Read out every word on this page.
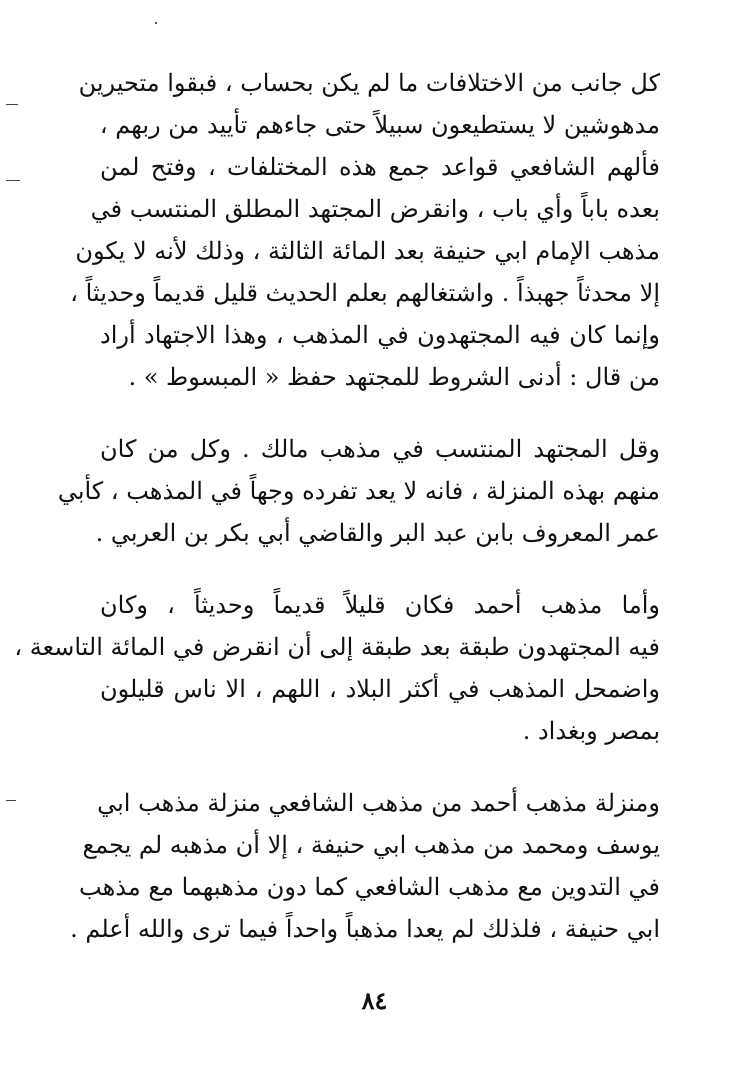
كل جانب من الاختلافات ما لم يكن بحساب ، فبقوا متحيرين
مدهوشين لا يستطيعون سبيلاً حتى جاءهم تأييد من ربهم ،
فألهم الشافعي قواعد جمع هذه المختلفات ، وفتح لمن
بعده باباً وأي باب ، وانقرض المجتهد المطلق المنتسب في
مذهب الإمام ابي حنيفة بعد المائة الثالثة ، وذلك لأنه لا يكون
إلا محدثاً جهبذاً . واشتغالهم بعلم الحديث قليل قديماً وحديثاً ،
وإنما كان فيه المجتهدون في المذهب ، وهذا الاجتهاد أراد
من قال : أدنى الشروط للمجتهد حفظ « المبسوط » .
وقل المجتهد المنتسب في مذهب مالك . وكل من كان
منهم بهذه المنزلة ، فانه لا يعد تفرده وجهاً في المذهب ، كأبي
عمر المعروف بابن عبد البر والقاضي أبي بكر بن العربي .
وأما مذهب أحمد فكان قليلاً قديماً وحديثاً ، وكان
فيه المجتهدون طبقة بعد طبقة إلى أن انقرض في المائة التاسعة ،
واضمحل المذهب في أكثر البلاد ، اللهم ، الا ناس قليلون
بمصر وبغداد .
ومنزلة مذهب أحمد من مذهب الشافعي منزلة مذهب ابي
يوسف ومحمد من مذهب ابي حنيفة ، إلا أن مذهبه لم يجمع
في التدوين مع مذهب الشافعي كما دون مذهبهما مع مذهب
ابي حنيفة ، فلذلك لم يعدا مذهباً واحداً فيما ترى والله أعلم .
٨٤
